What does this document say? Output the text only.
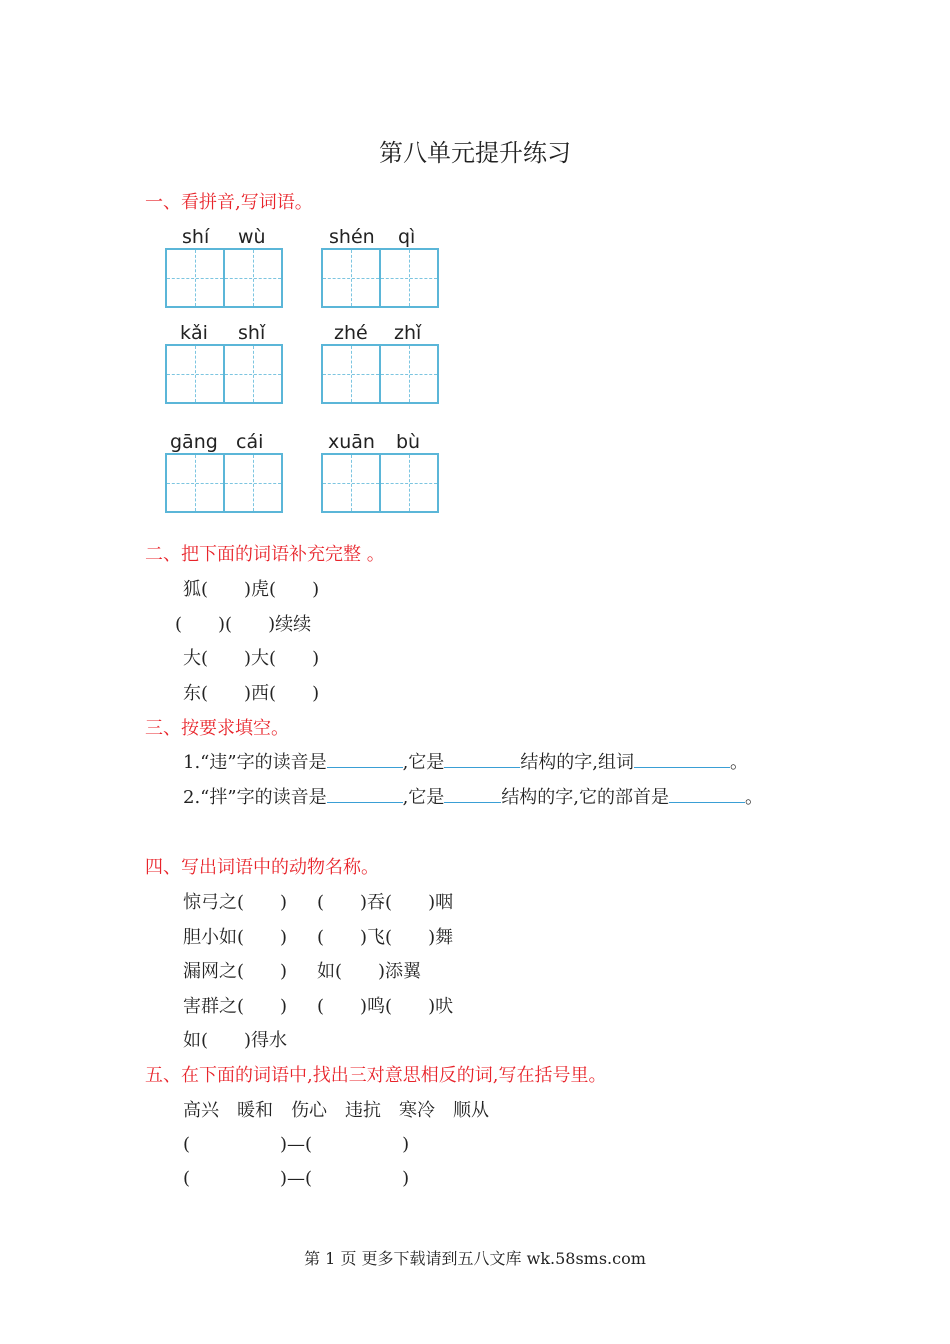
第八单元提升练习
一、看拼音,写词语。
shí wù	shén qì
kǎi shǐ	zhé zhǐ
gāng cái	xuān bù
二、把下面的词语补充完整 。
狐(　　)虎(　　)
(　　)(　　)续续
大(　　)大(　　)
东(　　)西(　　)
三、按要求填空。
1.“违”字的读音是	,它是	结构的字,组词	。
2.“拌”字的读音是	,它是	结构的字,它的部首是	。
四、写出词语中的动物名称。
惊弓之(　　) (　　)吞(　　)咽
胆小如(　　) (　　)飞(　　)舞
漏网之(　　) 如(　　)添翼
害群之(　　) (　　)鸣(　　)吠
如(　　)得水
五、在下面的词语中,找出三对意思相反的词,写在括号里。
高兴　暖和　伤心　违抗　寒冷　顺从
(　　　　　)—(　　　　　)
(　　　　　)—(　　　　　)
第 1 页 更多下载请到五八文库 wk.58sms.com
